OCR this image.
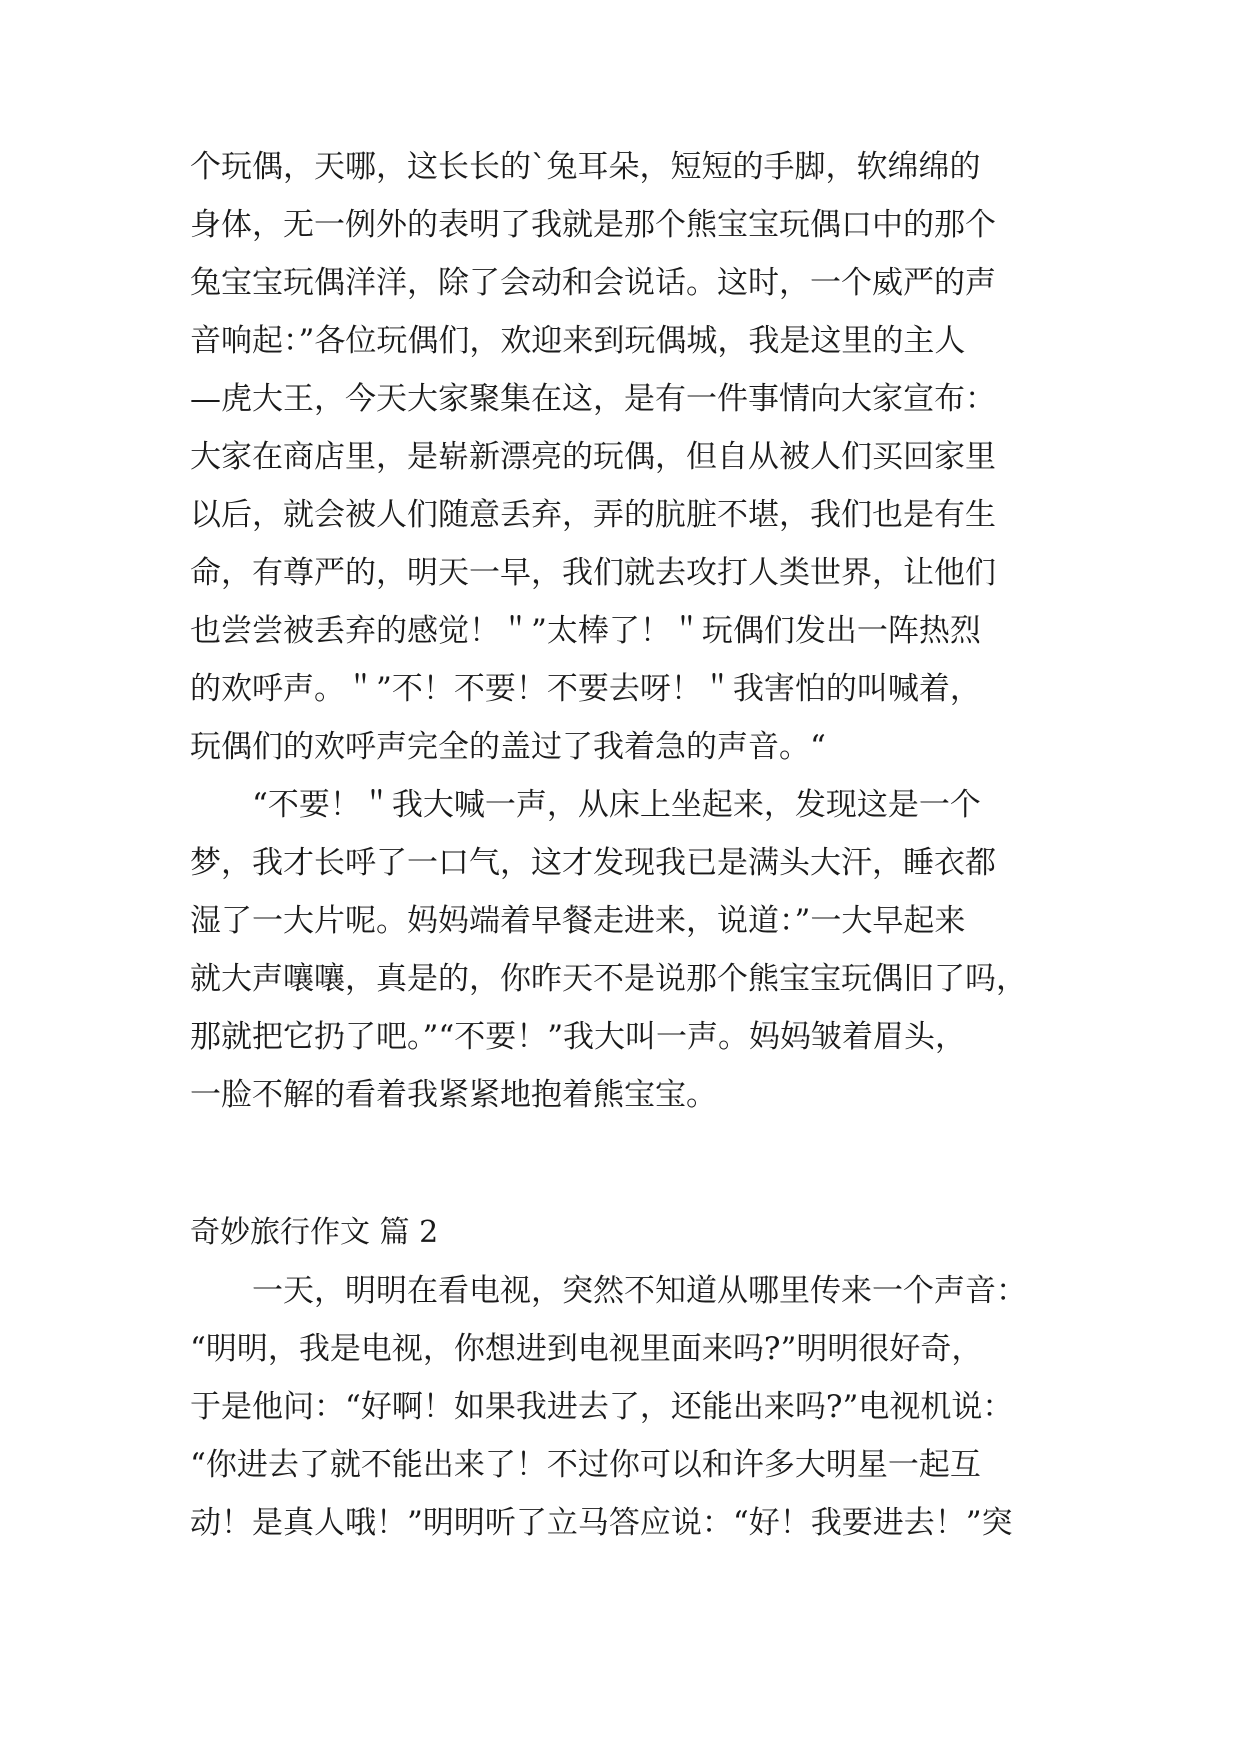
个玩偶，天哪，这长长的`兔耳朵，短短的手脚，软绵绵的
身体，无一例外的表明了我就是那个熊宝宝玩偶口中的那个
兔宝宝玩偶洋洋，除了会动和会说话。这时，一个威严的声
音响起：”各位玩偶们，欢迎来到玩偶城，我是这里的主人
—虎大王，今天大家聚集在这，是有一件事情向大家宣布：
大家在商店里，是崭新漂亮的玩偶，但自从被人们买回家里
以后，就会被人们随意丢弃，弄的肮脏不堪，我们也是有生
命，有尊严的，明天一早，我们就去攻打人类世界，让他们
也尝尝被丢弃的感觉！＂”太棒了！＂玩偶们发出一阵热烈
的欢呼声。＂”不！不要！不要去呀！＂我害怕的叫喊着，
玩偶们的欢呼声完全的盖过了我着急的声音。“
“不要！＂我大喊一声，从床上坐起来，发现这是一个
梦，我才长呼了一口气，这才发现我已是满头大汗，睡衣都
湿了一大片呢。妈妈端着早餐走进来，说道：”一大早起来
就大声嚷嚷，真是的，你昨天不是说那个熊宝宝玩偶旧了吗，
那就把它扔了吧。”“不要！”我大叫一声。妈妈皱着眉头，
一脸不解的看着我紧紧地抱着熊宝宝。
奇妙旅行作文 篇 2
一天，明明在看电视，突然不知道从哪里传来一个声音：
“明明，我是电视，你想进到电视里面来吗?”明明很好奇，
于是他问：“好啊！如果我进去了，还能出来吗?”电视机说：
“你进去了就不能出来了！不过你可以和许多大明星一起互
动！是真人哦！”明明听了立马答应说：“好！我要进去！”突
